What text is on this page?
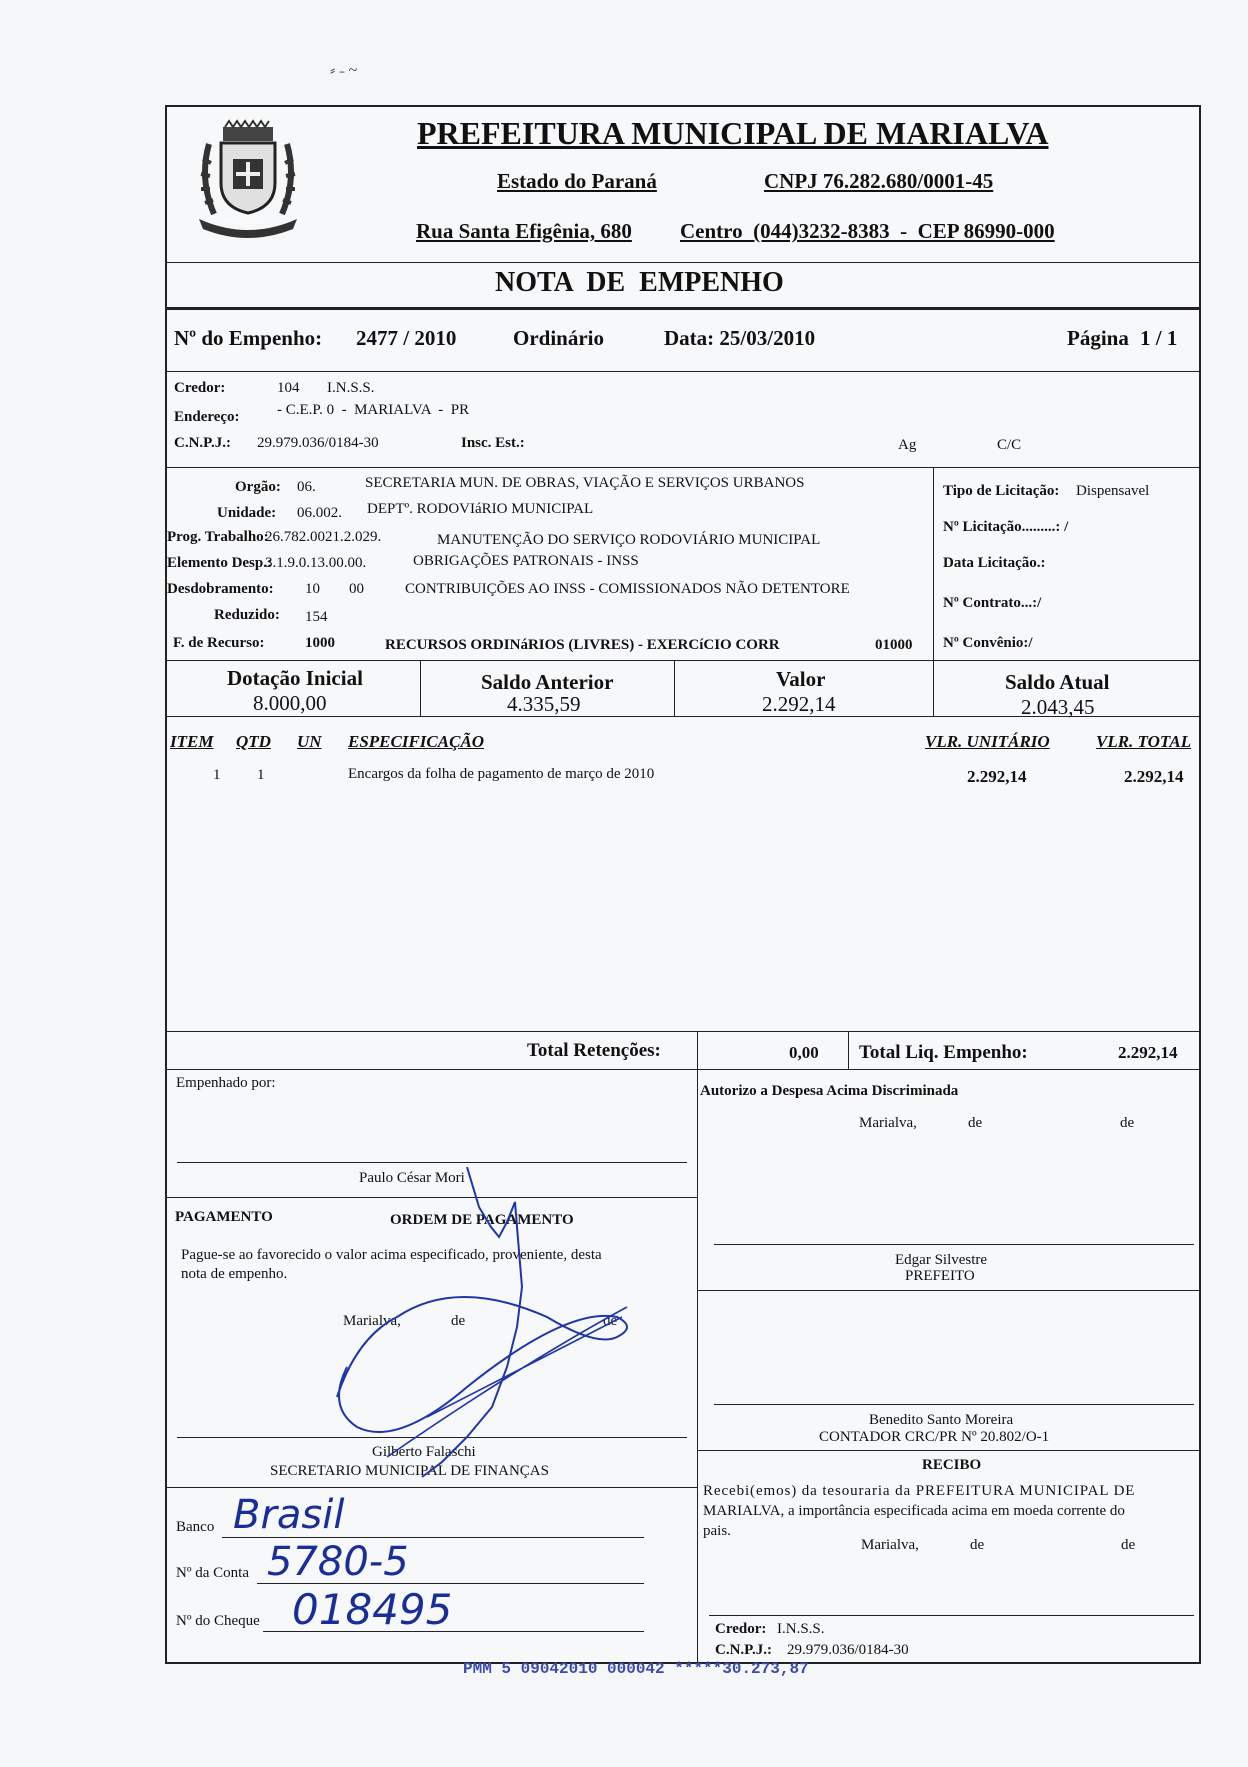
⸗ ˗ ~
MARIALVA
PREFEITURA MUNICIPAL DE MARIALVA
Estado do Paraná	CNPJ 76.282.680/0001-45
Rua Santa Efigênia, 680 Centro  (044)3232-8383  -  CEP 86990-000
NOTA  DE  EMPENHO
Nº do Empenho: 2477 / 2010	Ordinário	Data: 25/03/2010	Página 1 / 1
Credor:	104 I.N.S.S.
Endereço: - C.E.P. 0  -  MARIALVA  -  PR
C.N.P.J.: 29.979.036/0184-30	Insc. Est.:	Ag	C/C
Orgão: 06.	SECRETARIA MUN. DE OBRAS, VIAÇÃO E SERVIÇOS URBANOS
Unidade: 06.002. DEPTº. RODOVIáRIO MUNICIPAL
Prog. Trabalho:
26.782.0021.2.029.	MANUTENÇÃO DO SERVIÇO RODOVIÁRIO MUNICIPAL
Elemento Desp.:
3.1.9.0.13.00.00.	OBRIGAÇÕES PATRONAIS - INSS
Desdobramento: 10 00	CONTRIBUIÇÕES AO INSS - COMISSIONADOS NÃO DETENTORE
Reduzido: 154
F. de Recurso:	1000	RECURSOS ORDINáRIOS (LIVRES) - EXERCíCIO CORR	01000
Tipo de Licitação: Dispensavel
Nº Licitação.........: /
Data Licitação.:
Nº Contrato...:/
Nº Convênio:/
Dotação Inicial
8.000,00
Saldo Anterior
4.335,59
Valor
2.292,14
Saldo Atual
2.043,45
ITEM QTD UN ESPECIFICAÇÃO	VLR. UNITÁRIO	VLR. TOTAL
1 1	Encargos da folha de pagamento de março de 2010	2.292,14	2.292,14
Total Retenções:	0,00 Total Liq. Empenho:	2.292,14
Empenhado por:
Paulo César Mori
PAGAMENTO	ORDEM DE PAGAMENTO
Pague-se ao favorecido o valor acima especificado, proveniente, desta
nota de empenho.
Marialva,	de	de
Gilberto Falaschi
SECRETARIO MUNICIPAL DE FINANÇAS
Banco Brasil
Nº da Conta 5780-5
Nº do Cheque 018495
Autorizo a Despesa Acima Discriminada
Marialva,	de	de
Edgar Silvestre
PREFEITO
Benedito Santo Moreira
CONTADOR CRC/PR Nº 20.802/O-1
RECIBO
Recebi(emos) da tesouraria da PREFEITURA MUNICIPAL DE
MARIALVA, a importância especificada acima em moeda corrente do
pais.
Marialva,	de	de
Credor: I.N.S.S.
C.N.P.J.: 29.979.036/0184-30
PMM 5 09042010 000042 *****30.273,87
